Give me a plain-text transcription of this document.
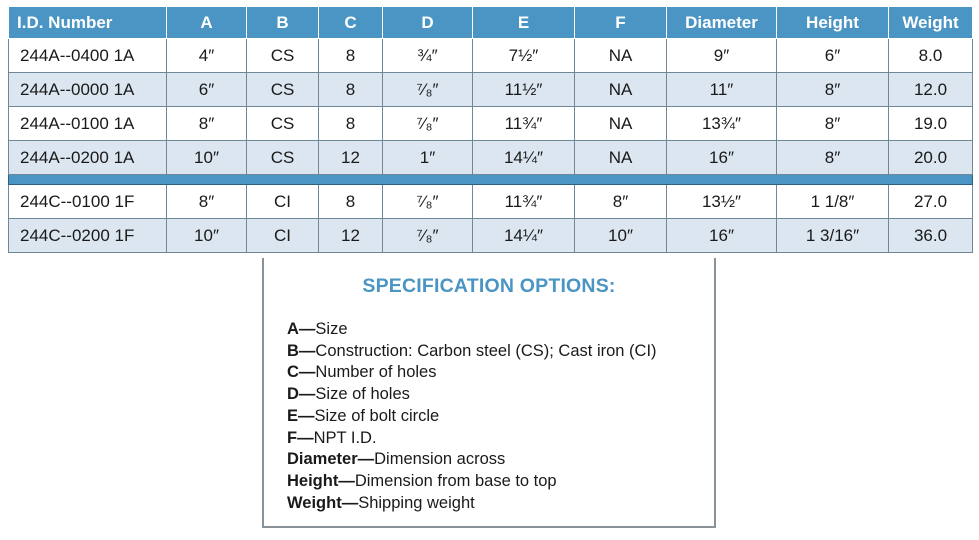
I.D. Number	A	B	C	D	E	F	Diameter	Height	Weight
244A--0400 1A	4″	CS	8	¾″	7½″	NA	9″	6″	8.0
244A--0000 1A	6″	CS	8	⁷⁄₈″	11½″	NA	11″	8″	12.0
244A--0100 1A	8″	CS	8	⁷⁄₈″	11¾″	NA	13¾″	8″	19.0
244A--0200 1A	10″	CS	12	1″	14¼″	NA	16″	8″	20.0

244C--0100 1F	8″	CI	8	⁷⁄₈″	11¾″	8″	13½″	1 1/8″	27.0
244C--0200 1F	10″	CI	12	⁷⁄₈″	14¼″	10″	16″	1 3/16″	36.0
SPECIFICATION OPTIONS:
A—Size
B—Construction: Carbon steel (CS); Cast iron (CI)
C—Number of holes
D—Size of holes
E—Size of bolt circle
F—NPT I.D.
Diameter—Dimension across
Height—Dimension from base to top
Weight—Shipping weight
